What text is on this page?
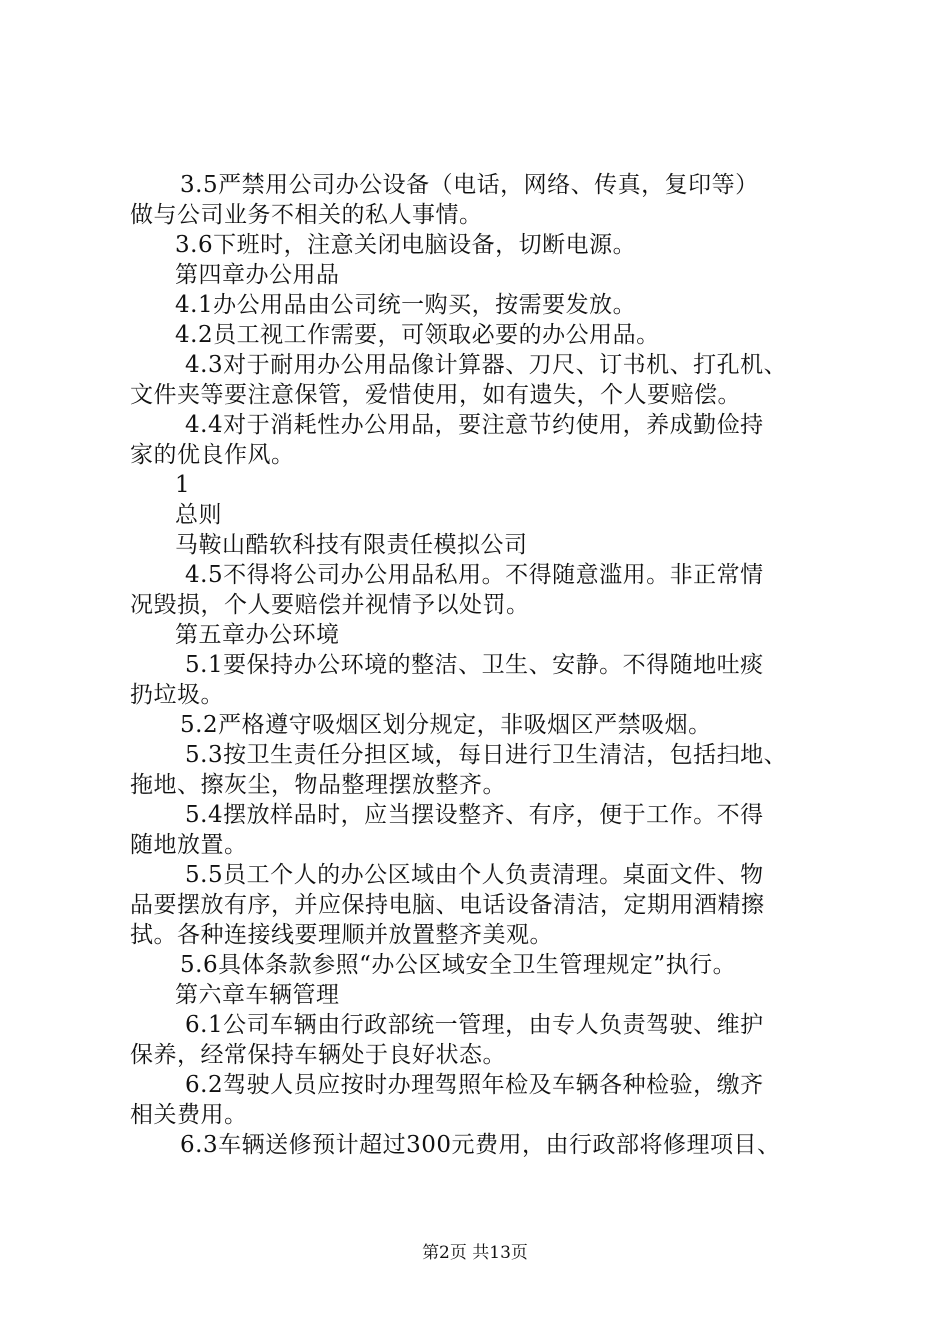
3.5严禁用公司办公设备（电话，网络、传真，复印等）
做与公司业务不相关的私人事情。
3.6下班时，注意关闭电脑设备，切断电源。
第四章办公用品
4.1办公用品由公司统一购买，按需要发放。
4.2员工视工作需要，可领取必要的办公用品。
4.3对于耐用办公用品像计算器、刀尺、订书机、打孔机、
文件夹等要注意保管，爱惜使用，如有遗失，个人要赔偿。
4.4对于消耗性办公用品，要注意节约使用，养成勤俭持
家的优良作风。
1
总则
马鞍山酷软科技有限责任模拟公司
4.5不得将公司办公用品私用。不得随意滥用。非正常情
况毁损，个人要赔偿并视情予以处罚。
第五章办公环境
5.1要保持办公环境的整洁、卫生、安静。不得随地吐痰
扔垃圾。
5.2严格遵守吸烟区划分规定，非吸烟区严禁吸烟。
5.3按卫生责任分担区域，每日进行卫生清洁，包括扫地、
拖地、擦灰尘，物品整理摆放整齐。
5.4摆放样品时，应当摆设整齐、有序，便于工作。不得
随地放置。
5.5员工个人的办公区域由个人负责清理。桌面文件、物
品要摆放有序，并应保持电脑、电话设备清洁，定期用酒精擦
拭。各种连接线要理顺并放置整齐美观。
5.6具体条款参照“办公区域安全卫生管理规定”执行。
第六章车辆管理
6.1公司车辆由行政部统一管理，由专人负责驾驶、维护
保养，经常保持车辆处于良好状态。
6.2驾驶人员应按时办理驾照年检及车辆各种检验，缴齐
相关费用。
6.3车辆送修预计超过300元费用，由行政部将修理项目、
第2页 共13页
